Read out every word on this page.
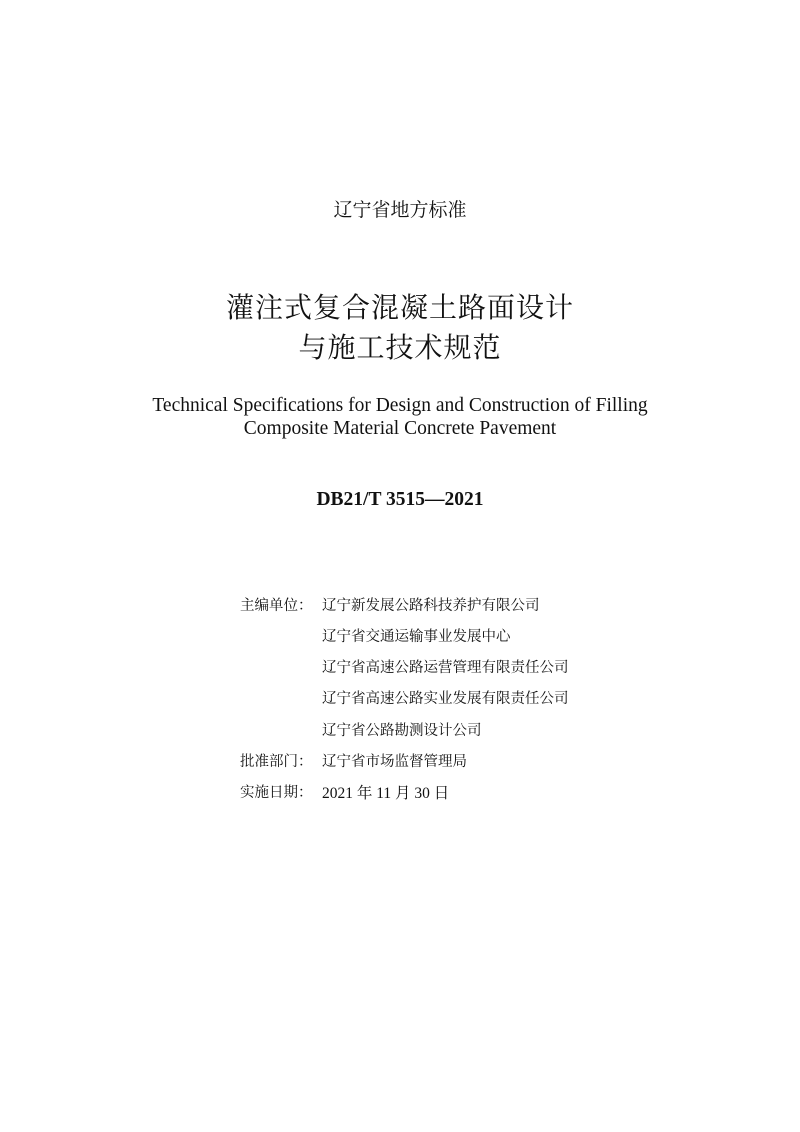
辽宁省地方标准
灌注式复合混凝土路面设计
与施工技术规范
Technical Specifications for Design and Construction of Filling
Composite Material Concrete Pavement
DB21/T 3515—2021
主编单位： 辽宁新发展公路科技养护有限公司
辽宁省交通运输事业发展中心
辽宁省高速公路运营管理有限责任公司
辽宁省高速公路实业发展有限责任公司
辽宁省公路勘测设计公司
批准部门： 辽宁省市场监督管理局
实施日期： 2021 年 11 月 30 日
